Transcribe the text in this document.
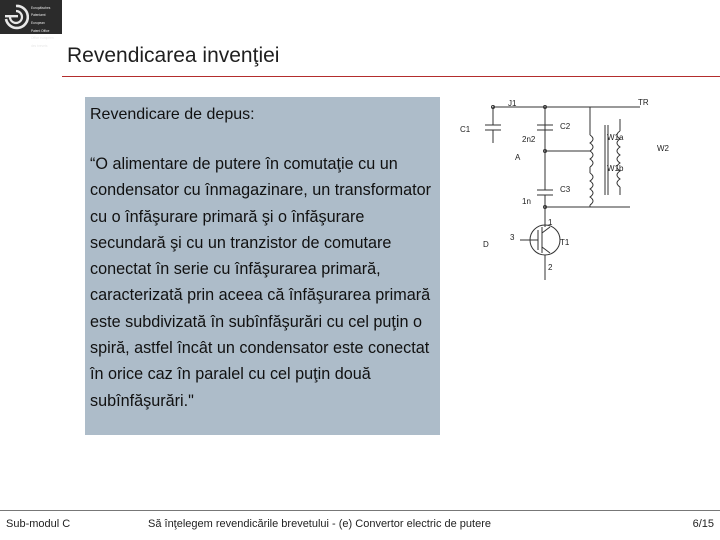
Europäisches

Patentamt

European

Patent Office

Office européen

des brevets Revendicarea invenţiei
Revendicare de depus:
“O alimentare de putere în comutaţie cu un condensator cu înmagazinare, un transformator cu o înfăşurare primară şi o înfăşurare secundară şi cu un tranzistor de comutare conectat în serie cu înfăşurarea primară, caracterizată prin aceea că înfăşurarea primară este subdivizată în subînfăşurări cu cel puţin o spiră, astfel încât un condensator este conectat în orice caz în paralel cu cel puţin două subînfăşurări."
J1	TR
C1	C2
2n2	W1a
A
W2
W1b
C3
1n
D	T1
3
1
2
Sub-modul C	Să înţelegem revendicările brevetului - (e) Convertor electric de putere	6/15
